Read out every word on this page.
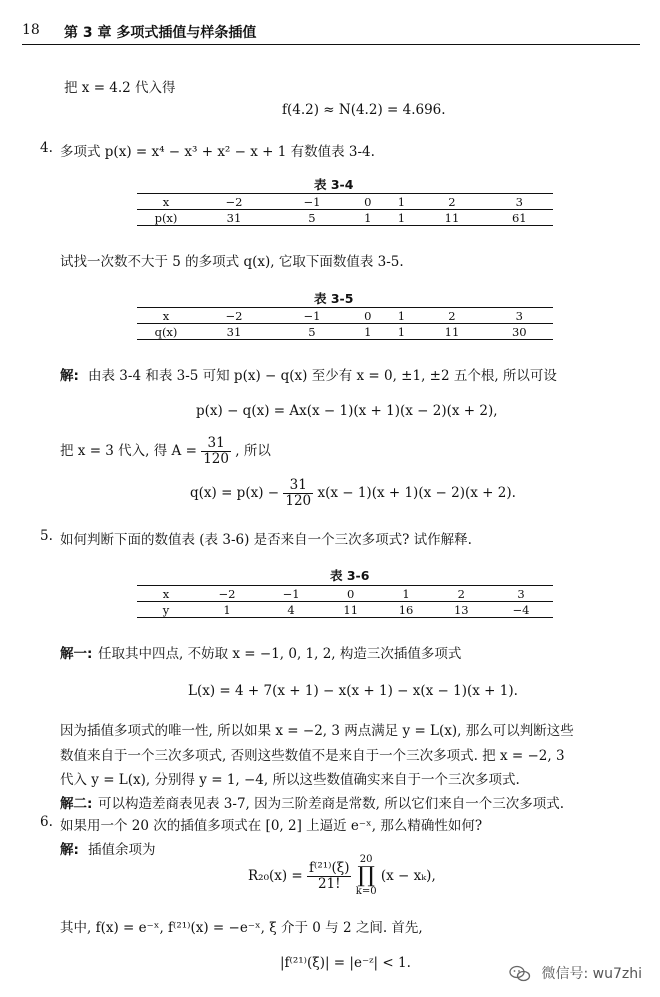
18 第 3 章 多项式插值与样条插值
把 x = 4.2 代入得
f(4.2) ≈ N(4.2) = 4.696.
4. 多项式 p(x) = x⁴ − x³ + x² − x + 1 有数值表 3-4.
表 3-4
x	−2	−1	0	1	2	3
p(x)	31	5	1	1	11	61
试找一次数不大于 5 的多项式 q(x), 它取下面数值表 3-5.
表 3-5
x	−2	−1	0	1	2	3
q(x)	31	5	1	1	11	30
解: 由表 3-4 和表 3-5 可知 p(x) − q(x) 至少有 x = 0, ±1, ±2 五个根, 所以可设
p(x) − q(x) = Ax(x − 1)(x + 1)(x − 2)(x + 2),
把 x = 3 代入, 得 $A = \frac{31}{120}$ , 所以
$q(x) = p(x) - \frac{31}{120} x(x - 1)(x + 1)(x - 2)(x + 2)$.
5. 如何判断下面的数值表 (表 3-6) 是否来自一个三次多项式? 试作解释.
表 3-6
x	−2	−1	0	1	2	3
y	1	4	11	16	13	−4
解一: 任取其中四点, 不妨取 x = −1, 0, 1, 2, 构造三次插值多项式
L(x) = 4 + 7(x + 1) − x(x + 1) − x(x − 1)(x + 1).
因为插值多项式的唯一性, 所以如果 x = −2, 3 两点满足 y = L(x), 那么可以判断这些
数值来自于一个三次多项式, 否则这些数值不是来自于一个三次多项式. 把 x = −2, 3
代入 y = L(x), 分别得 y = 1, −4, 所以这些数值确实来自于一个三次多项式.
解二: 可以构造差商表见表 3-7, 因为三阶差商是常数, 所以它们来自一个三次多项式.
6. 如果用一个 20 次的插值多项式在 [0, 2] 上逼近 e⁻ˣ, 那么精确性如何?
解: 插值余项为
$R_{20}(x) = \frac{\text{f⁽²¹⁾(ξ)}}{21!}$

20
∏
k=0
(x − xₖ),
其中, f(x) = e⁻ˣ, f⁽²¹⁾(x) = −e⁻ˣ, ξ 介于 0 与 2 之间. 首先,
|f⁽²¹⁾(ξ)| = |e⁻ᶻ| < 1.
微信号: wu7zhi
